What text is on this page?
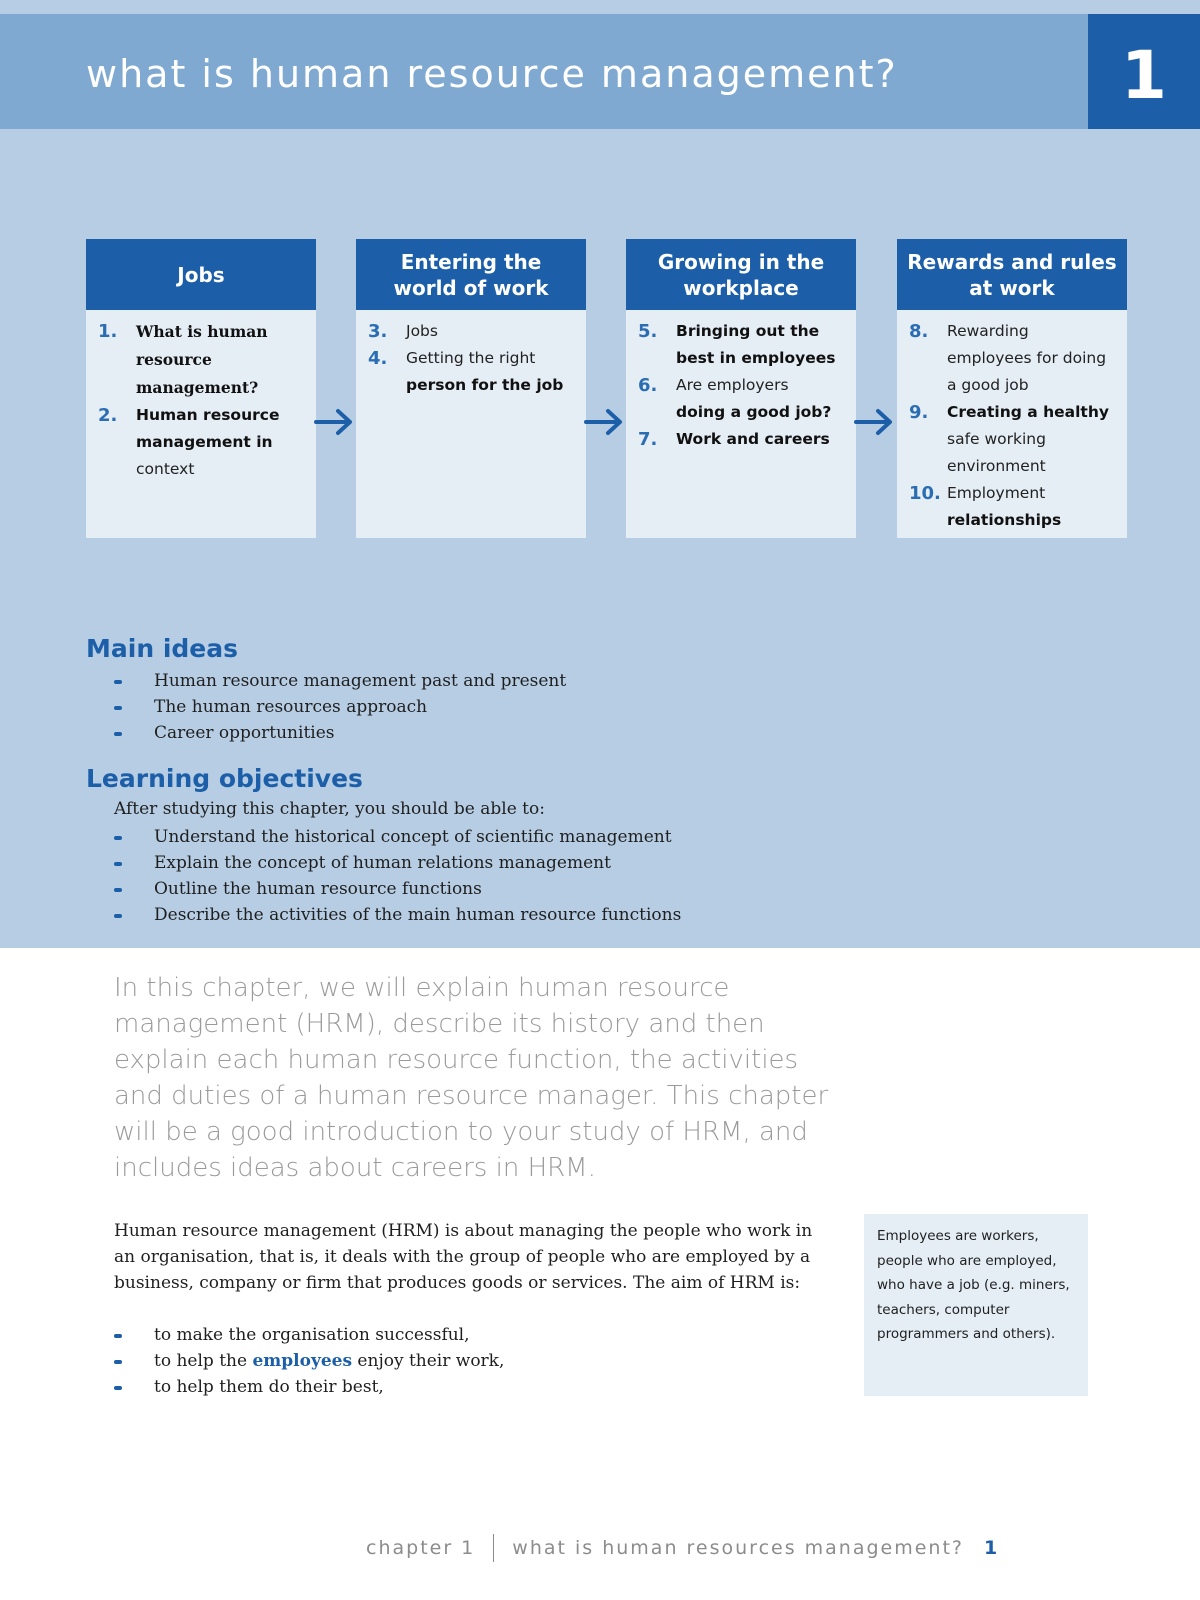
what is human resource management?	1
Jobs
1.	What is human resource management?
2.	Human resource management in context
Entering the world of work
3.	Jobs
4.	Getting the right
person for the job
Growing in the workplace
5.	Bringing out the best in employees
6.	Are employers
doing a good job?
7.	Work and careers
Rewards and rules at work
8.	Rewarding employees for doing a good job
9.	Creating a healthy
safe working environment
10. Employment
relationships
Main ideas
Human resource management past and present
The human resources approach
Career opportunities
Learning objectives
After studying this chapter, you should be able to:
Understand the historical concept of scientific management
Explain the concept of human relations management
Outline the human resource functions
Describe the activities of the main human resource functions
In this chapter, we will explain human resource management (HRM), describe its history and then explain each human resource function, the activities and duties of a human resource manager. This chapter will be a good introduction to your study of HRM, and includes ideas about careers in HRM.
Human resource management (HRM) is about managing the people who work in an organisation, that is, it deals with the group of people who are employed by a business, company or firm that produces goods or services. The aim of HRM is:
to make the organisation successful,
to help the employees enjoy their work,
to help them do their best,
Employees are workers, people who are employed, who have a job (e.g. miners, teachers, computer programmers and others).
chapter 1 what is human resources management? 1
